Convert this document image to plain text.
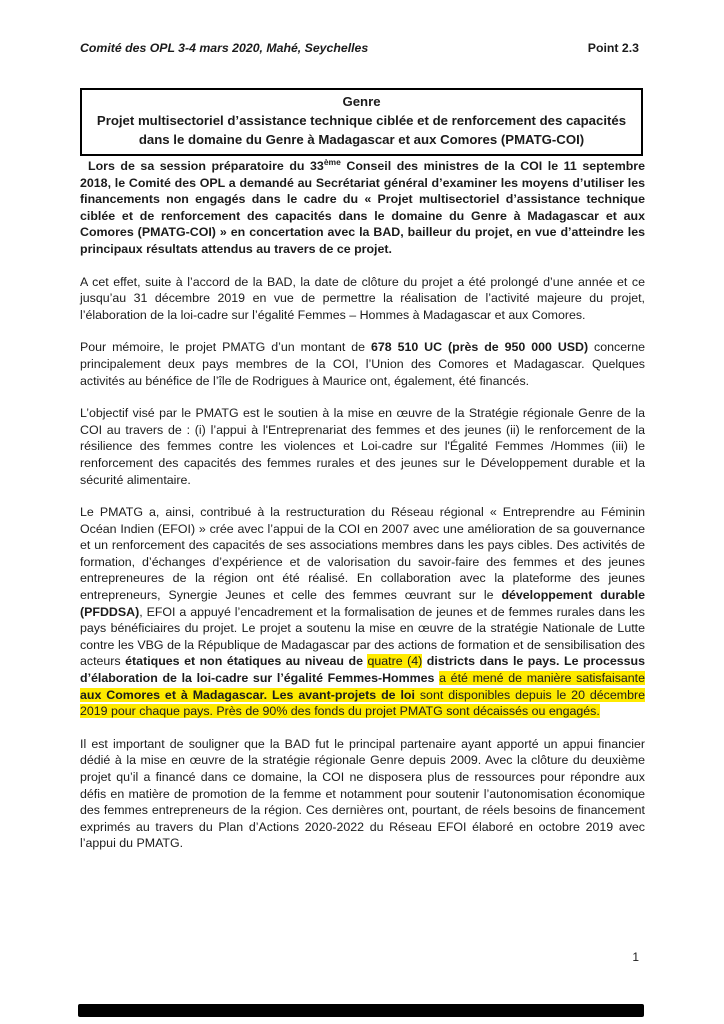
Comité des OPL 3-4 mars 2020, Mahé, Seychelles	Point 2.3
Genre
Projet multisectoriel d’assistance technique ciblée et de renforcement des capacités dans le domaine du Genre à Madagascar et aux Comores (PMATG-COI)

Lors de sa session préparatoire du 33ème Conseil des ministres de la COI le 11 septembre 2018, le Comité des OPL a demandé au Secrétariat général d’examiner les moyens d’utiliser les financements non engagés dans le cadre du « Projet multisectoriel d’assistance technique ciblée et de renforcement des capacités dans le domaine du Genre à Madagascar et aux Comores (PMATG-COI) » en concertation avec la BAD, bailleur du projet, en vue d’atteindre les principaux résultats attendus au travers de ce projet.

A cet effet, suite à l’accord de la BAD, la date de clôture du projet a été prolongé d’une année et ce jusqu’au 31 décembre 2019 en vue de permettre la réalisation de l’activité majeure du projet, l’élaboration de la loi-cadre sur l’égalité Femmes – Hommes à Madagascar et aux Comores.

Pour mémoire, le projet PMATG d’un montant de 678 510 UC (près de 950 000 USD) concerne principalement deux pays membres de la COI, l’Union des Comores et Madagascar. Quelques activités au bénéfice de l’île de Rodrigues à Maurice ont, également, été financés.

L’objectif visé par le PMATG est le soutien à la mise en œuvre de la Stratégie régionale Genre de la COI au travers de : (i) l’appui à l'Entreprenariat des femmes et des jeunes (ii) le renforcement de la résilience des femmes contre les violences et Loi-cadre sur l'Égalité Femmes /Hommes (iii) le renforcement des capacités des femmes rurales et des jeunes sur le Développement durable et la sécurité alimentaire.

Le PMATG a, ainsi, contribué à la restructuration du Réseau régional « Entreprendre au Féminin Océan Indien (EFOI) » crée avec l’appui de la COI en 2007 avec une amélioration de sa gouvernance et un renforcement des capacités de ses associations membres dans les pays cibles. Des activités de formation, d’échanges d’expérience et de valorisation du savoir-faire des femmes et des jeunes entrepreneures de la région ont été réalisé. En collaboration avec la plateforme des jeunes entrepreneurs, Synergie Jeunes et celle des femmes œuvrant sur le développement durable (PFDDSA), EFOI a appuyé l’encadrement et la formalisation de jeunes et de femmes rurales dans les pays bénéficiaires du projet. Le projet a soutenu la mise en œuvre de la stratégie Nationale de Lutte contre les VBG de la République de Madagascar par des actions de formation et de sensibilisation des acteurs étatiques et non étatiques au niveau de quatre (4) districts dans le pays. Le processus d’élaboration de la loi-cadre sur l’égalité Femmes-Hommes a été mené de manière satisfaisante aux Comores et à Madagascar. Les avant-projets de loi sont disponibles depuis le 20 décembre 2019 pour chaque pays. Près de 90% des fonds du projet PMATG sont décaissés ou engagés.

Il est important de souligner que la BAD fut le principal partenaire ayant apporté un appui financier dédié à la mise en œuvre de la stratégie régionale Genre depuis 2009. Avec la clôture du deuxième projet qu’il a financé dans ce domaine, la COI ne disposera plus de ressources pour répondre aux défis en matière de promotion de la femme et notamment pour soutenir l’autonomisation économique des femmes entrepreneurs de la région. Ces dernières ont, pourtant, de réels besoins de financement exprimés au travers du Plan d’Actions 2020-2022 du Réseau EFOI élaboré en octobre 2019 avec l’appui du PMATG.

1
